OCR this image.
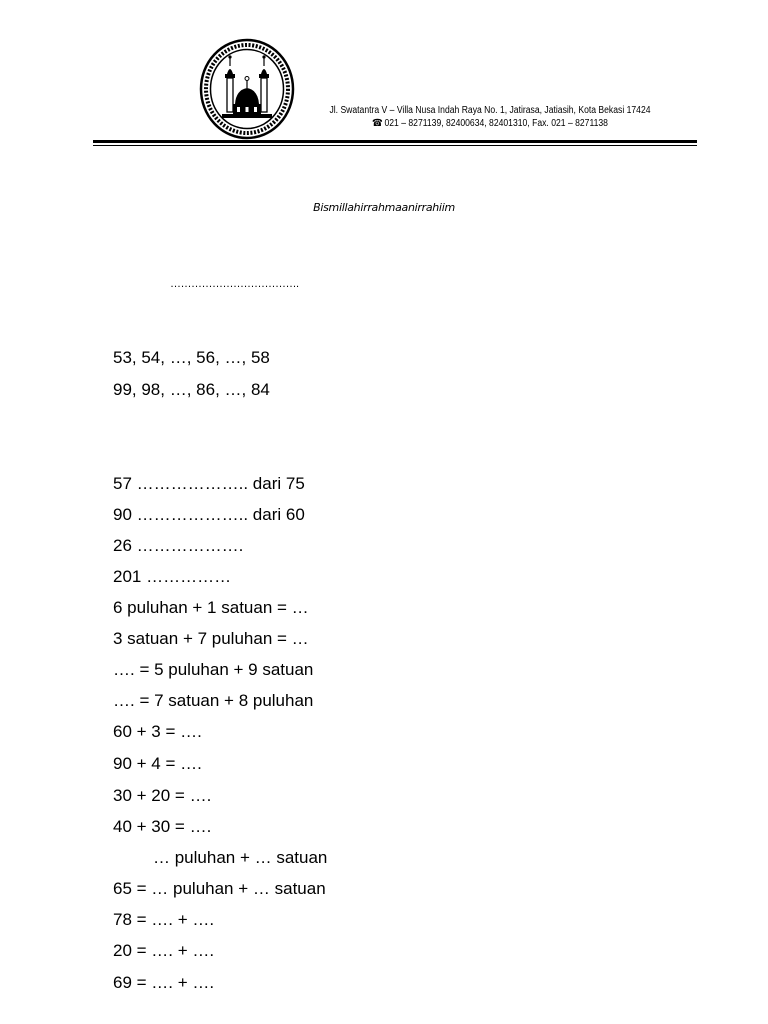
Jl. Swatantra V – Villa Nusa Indah Raya No. 1, Jatirasa, Jatiasih, Kota Bekasi 17424
☎ 021 – 8271139, 82400634, 82401310, Fax. 021 – 8271138
Bismillahirrahmaanirrahiim
……………………………….
53, 54, …, 56, …, 58
99, 98, …, 86, …, 84
57 ……………….. dari 75
90 ……………….. dari 60
26 ……………….
201 ……………
6 puluhan + 1 satuan = …
3 satuan + 7 puluhan = …
…. = 5 puluhan + 9 satuan
…. = 7 satuan + 8 puluhan
60 + 3 = ….
90 + 4 = ….
30 + 20 = ….
40 + 30 = ….
… puluhan + … satuan
65 = … puluhan + … satuan
78 = …. + ….
20 = …. + ….
69 = …. + ….
